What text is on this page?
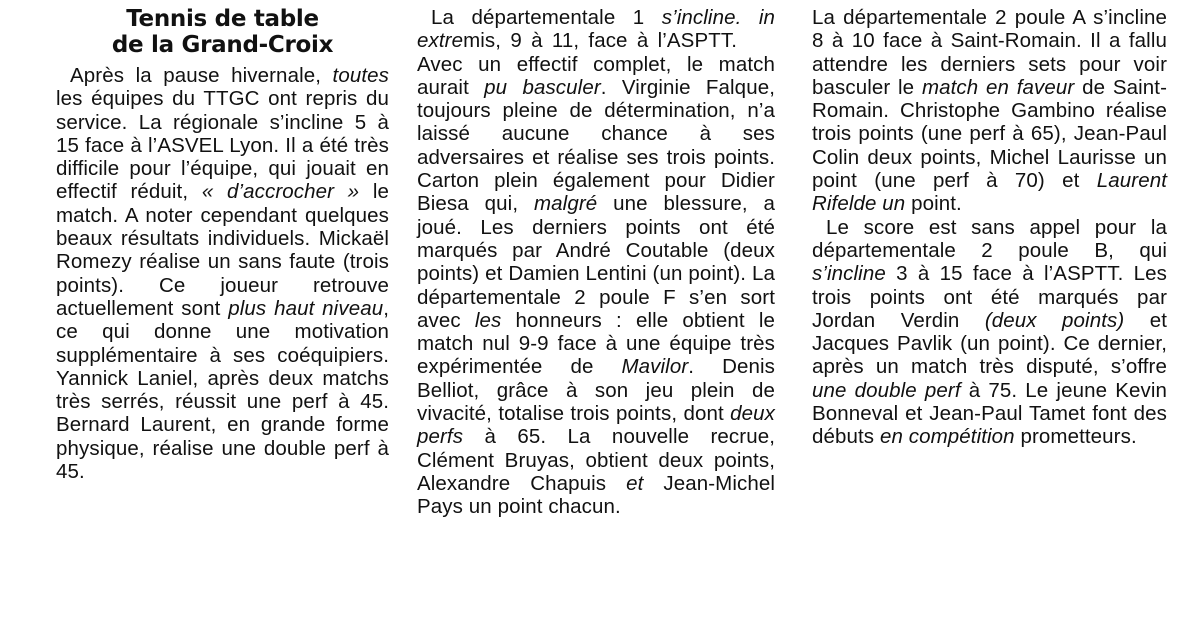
Tennis de table
de la Grand-Croix

Après la pause hivernale, toutes les équipes du TTGC ont repris du service. La régionale s’incline 5 à 15 face à l’ASVEL Lyon. Il a été très difficile pour l’équipe, qui jouait en effectif réduit, « d’accrocher » le match. A noter cependant quelques beaux résultats individuels. Mickaël Romezy réalise un sans faute (trois points). Ce joueur retrouve actuellement sont plus haut niveau, ce qui donne une motivation supplémentaire à ses coéquipiers. Yannick Laniel, après deux matchs très serrés, réussit une perf à 45. Bernard Laurent, en grande forme physique, réalise une double perf à 45.

La départementale 1 s’incline. in extremis, 9 à 11, face à l’ASPTT. Avec un effectif complet, le match aurait pu basculer. Virginie Falque, toujours pleine de détermination, n’a laissé aucune chance à ses adversaires et réalise ses trois points. Carton plein également pour Didier Biesa qui, malgré une blessure, a joué. Les derniers points ont été marqués par André Coutable (deux points) et Damien Lentini (un point). La départementale 2 poule F s’en sort avec les honneurs : elle obtient le match nul 9-9 face à une équipe très expérimentée de Mavilor. Denis Belliot, grâce à son jeu plein de vivacité, totalise trois points, dont deux perfs à 65. La nouvelle recrue, Clément Bruyas, obtient deux points, Alexandre Chapuis et Jean-Michel Pays un point chacun.

La départementale 2 poule A s’incline 8 à 10 face à Saint-Romain. Il a fallu attendre les derniers sets pour voir basculer le match en faveur de Saint-Romain. Christophe Gambino réalise trois points (une perf à 65), Jean-Paul Colin deux points, Michel Laurisse un point (une perf à 70) et Laurent Rifelde un point.

Le score est sans appel pour la départementale 2 poule B, qui s’incline 3 à 15 face à l’ASPTT. Les trois points ont été marqués par Jordan Verdin (deux points) et Jacques Pavlik (un point). Ce dernier, après un match très disputé, s’offre une double perf à 75. Le jeune Kevin Bonneval et Jean-Paul Tamet font des débuts en compétition prometteurs.
